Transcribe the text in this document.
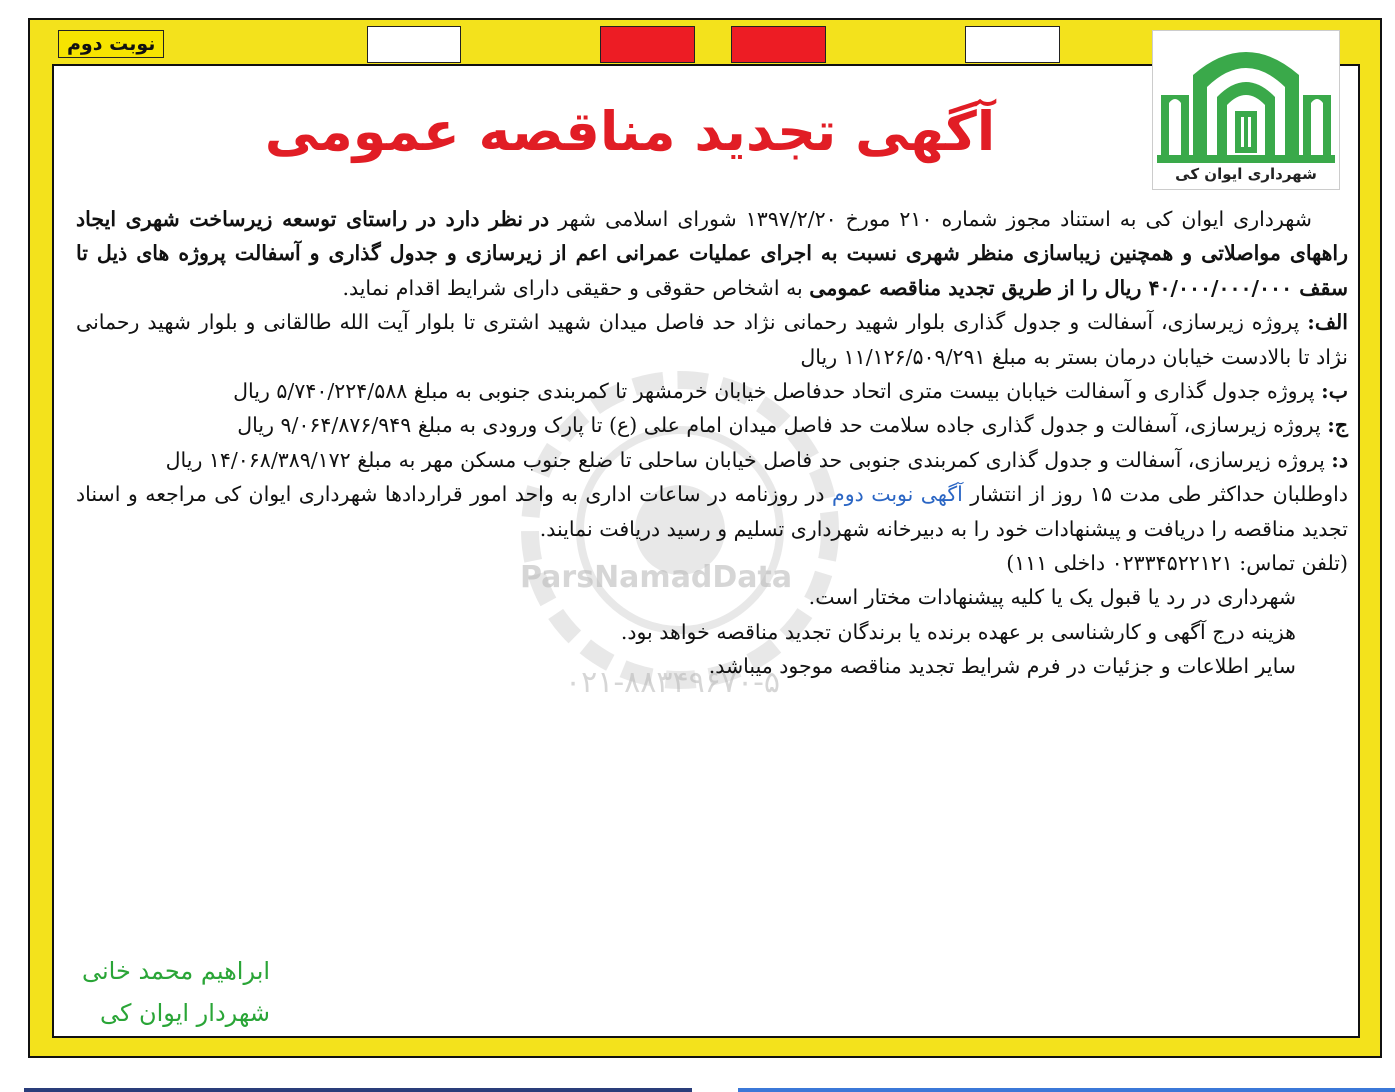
نوبت دوم
شهرداری ایوان کی
آگهی تجدید مناقصه عمومی
ParsNamadData
۰۲۱-۸۸۳۴۹۶۷۰-۵

شهرداری ایوان کی به استناد مجوز شماره ۲۱۰ مورخ ۱۳۹۷/۲/۲۰ شورای اسلامی شهر در نظر دارد در راستای توسعه زیرساخت شهری ایجاد راههای مواصلاتی و همچنین زیباسازی منظر شهری نسبت به اجرای عملیات عمرانی اعم از زیرسازی و جدول گذاری و آسفالت پروژه های ذیل تا سقف ۴۰/۰۰۰/۰۰۰/۰۰۰ ریال را از طریق تجدید مناقصه عمومی به اشخاص حقوقی و حقیقی دارای شرایط اقدام نماید.

الف: پروژه زیرسازی، آسفالت و جدول گذاری بلوار شهید رحمانی نژاد حد فاصل میدان شهید اشتری تا بلوار آیت الله طالقانی و بلوار شهید رحمانی نژاد تا بالادست خیابان درمان بستر به مبلغ ۱۱/۱۲۶/۵۰۹/۲۹۱ ریال

ب: پروژه جدول گذاری و آسفالت خیابان بیست متری اتحاد حدفاصل خیابان خرمشهر تا کمربندی جنوبی به مبلغ ۵/۷۴۰/۲۲۴/۵۸۸ ریال

ج: پروژه زیرسازی، آسفالت و جدول گذاری جاده سلامت حد فاصل میدان امام علی (ع) تا پارک ورودی به مبلغ ۹/۰۶۴/۸۷۶/۹۴۹ ریال

د: پروژه زیرسازی، آسفالت و جدول گذاری کمربندی جنوبی حد فاصل خیابان ساحلی تا ضلع جنوب مسکن مهر به مبلغ ۱۴/۰۶۸/۳۸۹/۱۷۲ ریال

داوطلبان حداکثر طی مدت ۱۵ روز از انتشار آگهی نوبت دوم در روزنامه در ساعات اداری به واحد امور قراردادها شهرداری ایوان کی مراجعه و اسناد تجدید مناقصه را دریافت و پیشنهادات خود را به دبیرخانه شهرداری تسلیم و رسید دریافت نمایند.

(تلفن تماس: ۰۲۳۳۴۵۲۲۱۲۱ داخلی ۱۱۱)

شهرداری در رد یا قبول یک یا کلیه پیشنهادات مختار است.

هزینه درج آگهی و کارشناسی بر عهده برنده یا برندگان تجدید مناقصه خواهد بود.

سایر اطلاعات و جزئیات در فرم شرایط تجدید مناقصه موجود میباشد.

ابراهیم محمد خانی
شهردار ایوان کی
